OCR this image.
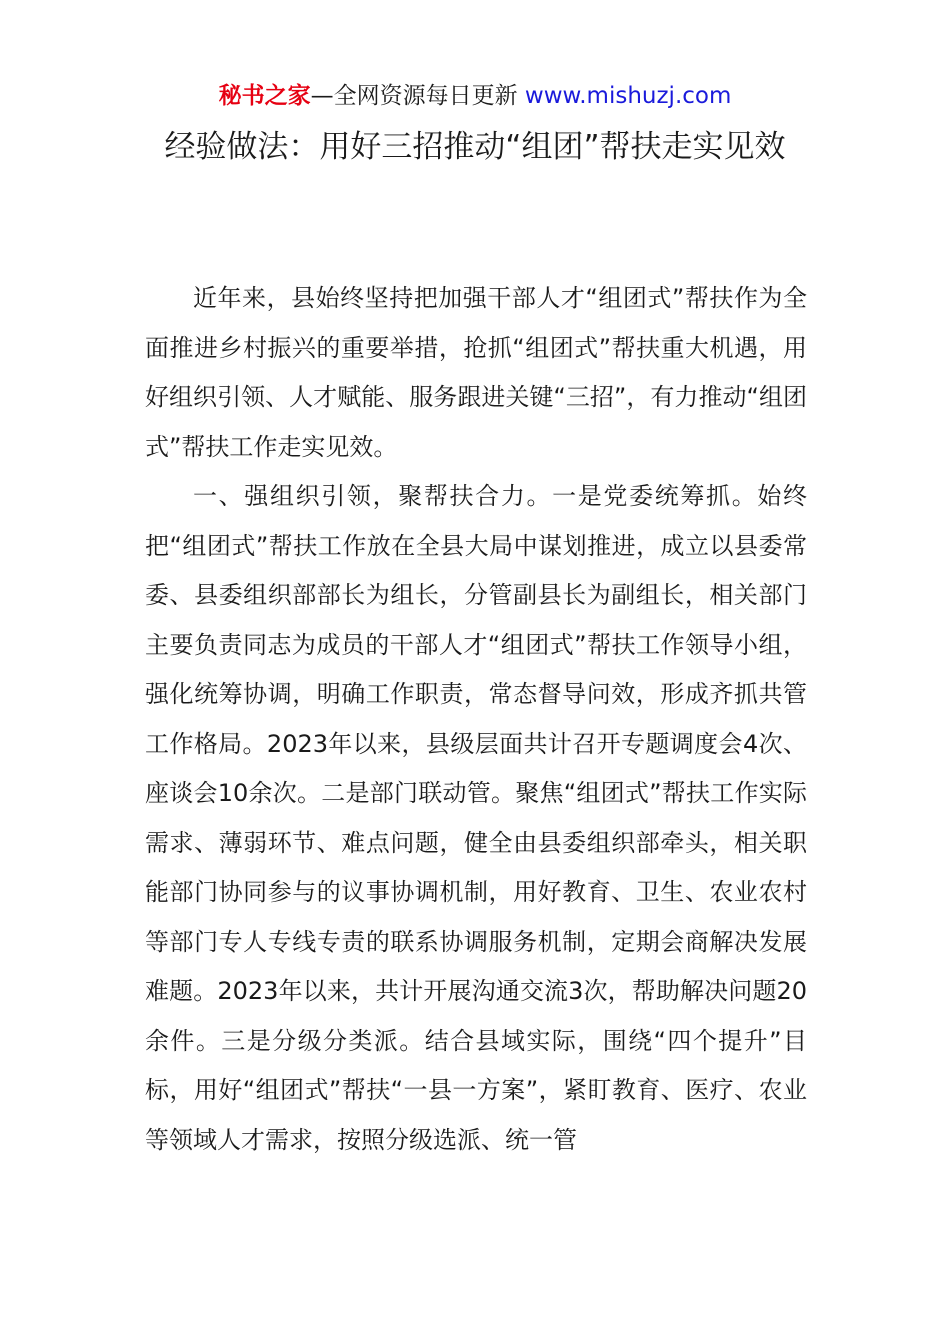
秘书之家—全网资源每日更新 www.mishuzj.com
经验做法：用好三招推动“组团”帮扶走实见效

近年来，县始终坚持把加强干部人才“组团式”帮扶作为全面推进乡村振兴的重要举措，抢抓“组团式”帮扶重大机遇，用好组织引领、人才赋能、服务跟进关键“三招”，有力推动“组团式”帮扶工作走实见效。

一、强组织引领，聚帮扶合力。一是党委统筹抓。始终把“组团式”帮扶工作放在全县大局中谋划推进，成立以县委常委、县委组织部部长为组长，分管副县长为副组长，相关部门主要负责同志为成员的干部人才“组团式”帮扶工作领导小组，强化统筹协调，明确工作职责，常态督导问效，形成齐抓共管工作格局。2023年以来，县级层面共计召开专题调度会4次、座谈会10余次。二是部门联动管。聚焦“组团式”帮扶工作实际需求、薄弱环节、难点问题，健全由县委组织部牵头，相关职能部门协同参与的议事协调机制，用好教育、卫生、农业农村等部门专人专线专责的联系协调服务机制，定期会商解决发展难题。2023年以来，共计开展沟通交流3次，帮助解决问题20余件。三是分级分类派。结合县域实际，围绕“四个提升”目标，用好“组团式”帮扶“一县一方案”，紧盯教育、医疗、农业等领域人才需求，按照分级选派、统一管
